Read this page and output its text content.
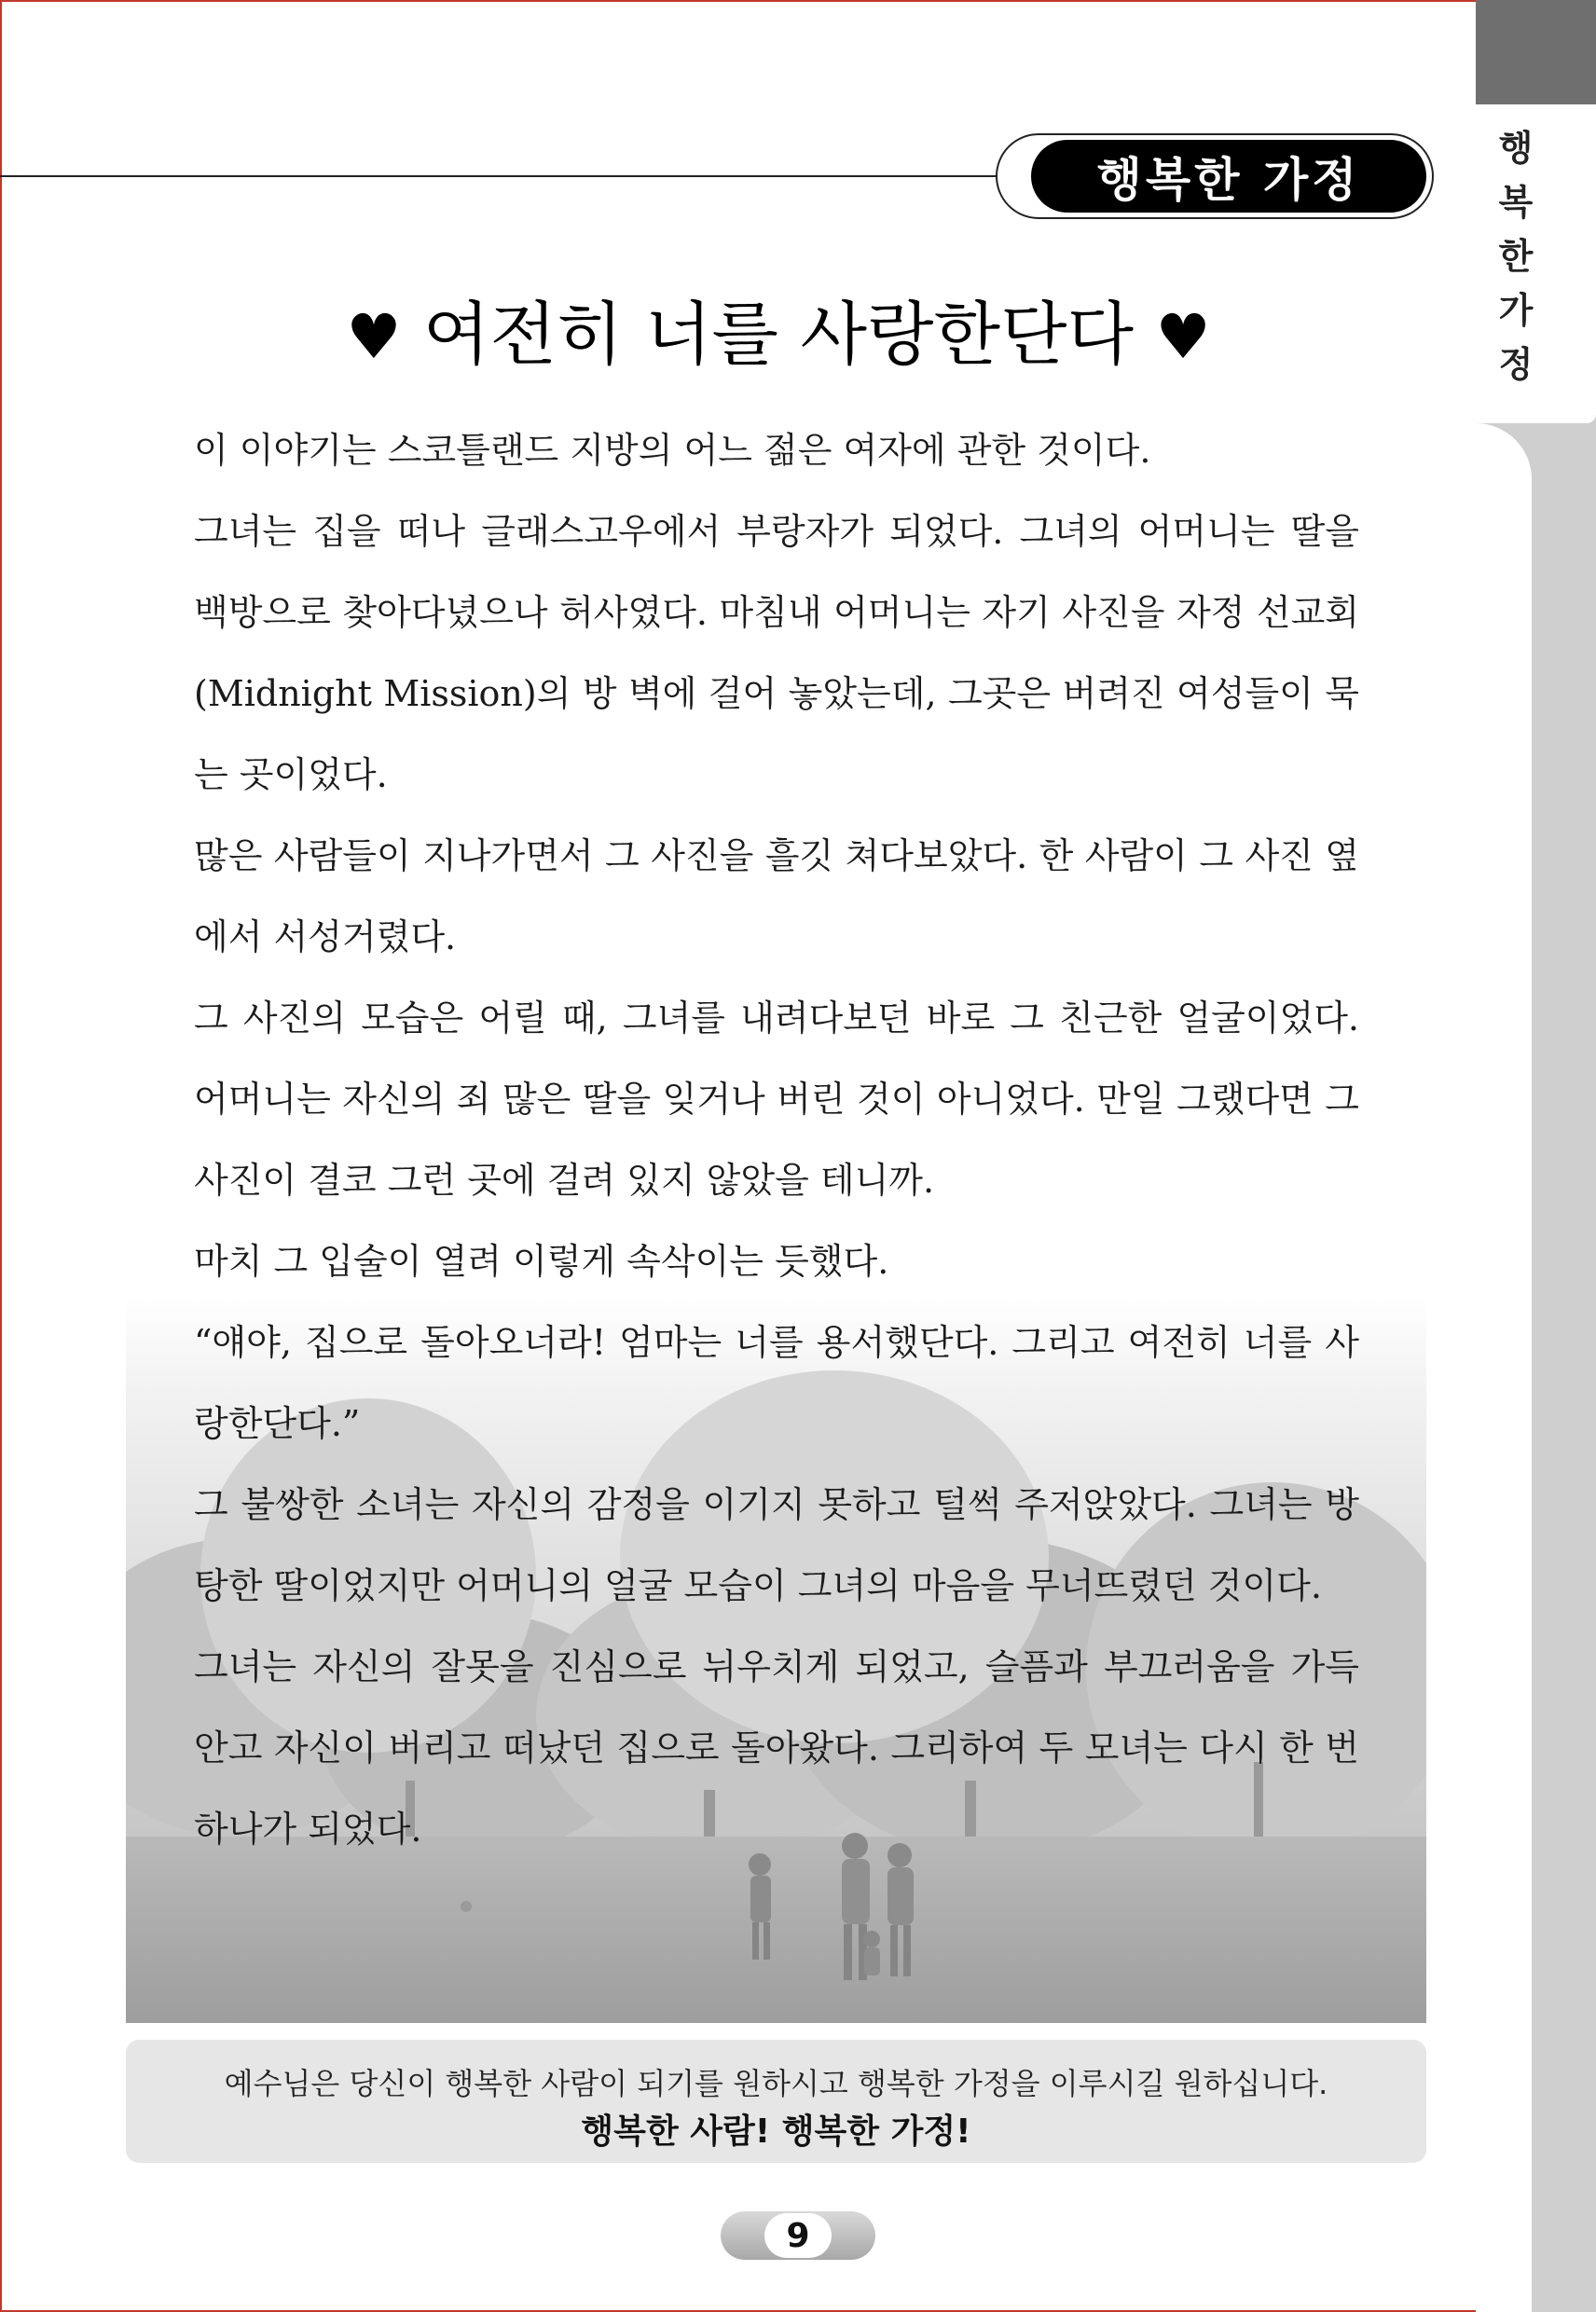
행
복
한
가
정
행복한 가정
♥ 여전히 너를 사랑한단다 ♥

이 이야기는 스코틀랜드 지방의 어느 젊은 여자에 관한 것이다.

그녀는 집을 떠나 글래스고우에서 부랑자가 되었다. 그녀의 어머니는 딸을 백방으로 찾아다녔으나 허사였다. 마침내 어머니는 자기 사진을 자정 선교회(Midnight Mission)의 방 벽에 걸어 놓았는데, 그곳은 버려진 여성들이 묵는 곳이었다.

많은 사람들이 지나가면서 그 사진을 흘깃 쳐다보았다. 한 사람이 그 사진 옆에서 서성거렸다.

그 사진의 모습은 어릴 때, 그녀를 내려다보던 바로 그 친근한 얼굴이었다. 어머니는 자신의 죄 많은 딸을 잊거나 버린 것이 아니었다. 만일 그랬다면 그 사진이 결코 그런 곳에 걸려 있지 않았을 테니까.

마치 그 입술이 열려 이렇게 속삭이는 듯했다.

“얘야, 집으로 돌아오너라! 엄마는 너를 용서했단다. 그리고 여전히 너를 사랑한단다.”

그 불쌍한 소녀는 자신의 감정을 이기지 못하고 털썩 주저앉았다. 그녀는 방탕한 딸이었지만 어머니의 얼굴 모습이 그녀의 마음을 무너뜨렸던 것이다.

그녀는 자신의 잘못을 진심으로 뉘우치게 되었고, 슬픔과 부끄러움을 가득 안고 자신이 버리고 떠났던 집으로 돌아왔다. 그리하여 두 모녀는 다시 한 번 하나가 되었다.

예수님은 당신이 행복한 사람이 되기를 원하시고 행복한 가정을 이루시길 원하십니다.
행복한 사람! 행복한 가정!
9
